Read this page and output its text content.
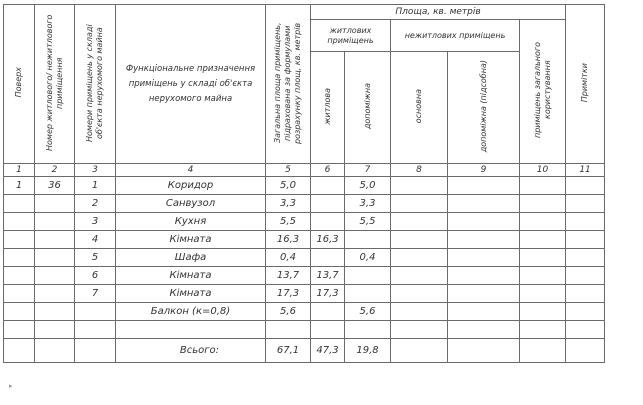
Поверх	Номер житлового/ нежитлового приміщення	Номери приміщень у складі об'єкта нерухомого майна	Функціональне призначення приміщень у складі об'єкта нерухомого майна	Загальна площа приміщень, підрахована за формулами розрахунку площ, кв. метрів	Площа, кв. метрів					Примітки
					житлових приміщень		нежитлових приміщень		приміщень загального користування	
					житлова	допоміжна	основна	допоміжна (підсобна)		
1	2	3	4	5	6	7	8	9	10	11
1	36	1	Коридор	5,0		5,0				
		2	Санвузол	3,3		3,3				
		3	Кухня	5,5		5,5				
		4	Кімната	16,3	16,3					
		5	Шафа	0,4		0,4				
		6	Кімната	13,7	13,7					
		7	Кімната	17,3	17,3					
			Балкон (к=0,8)	5,6		5,6				

			Всього:	67,1	47,3	19,8				
▸
